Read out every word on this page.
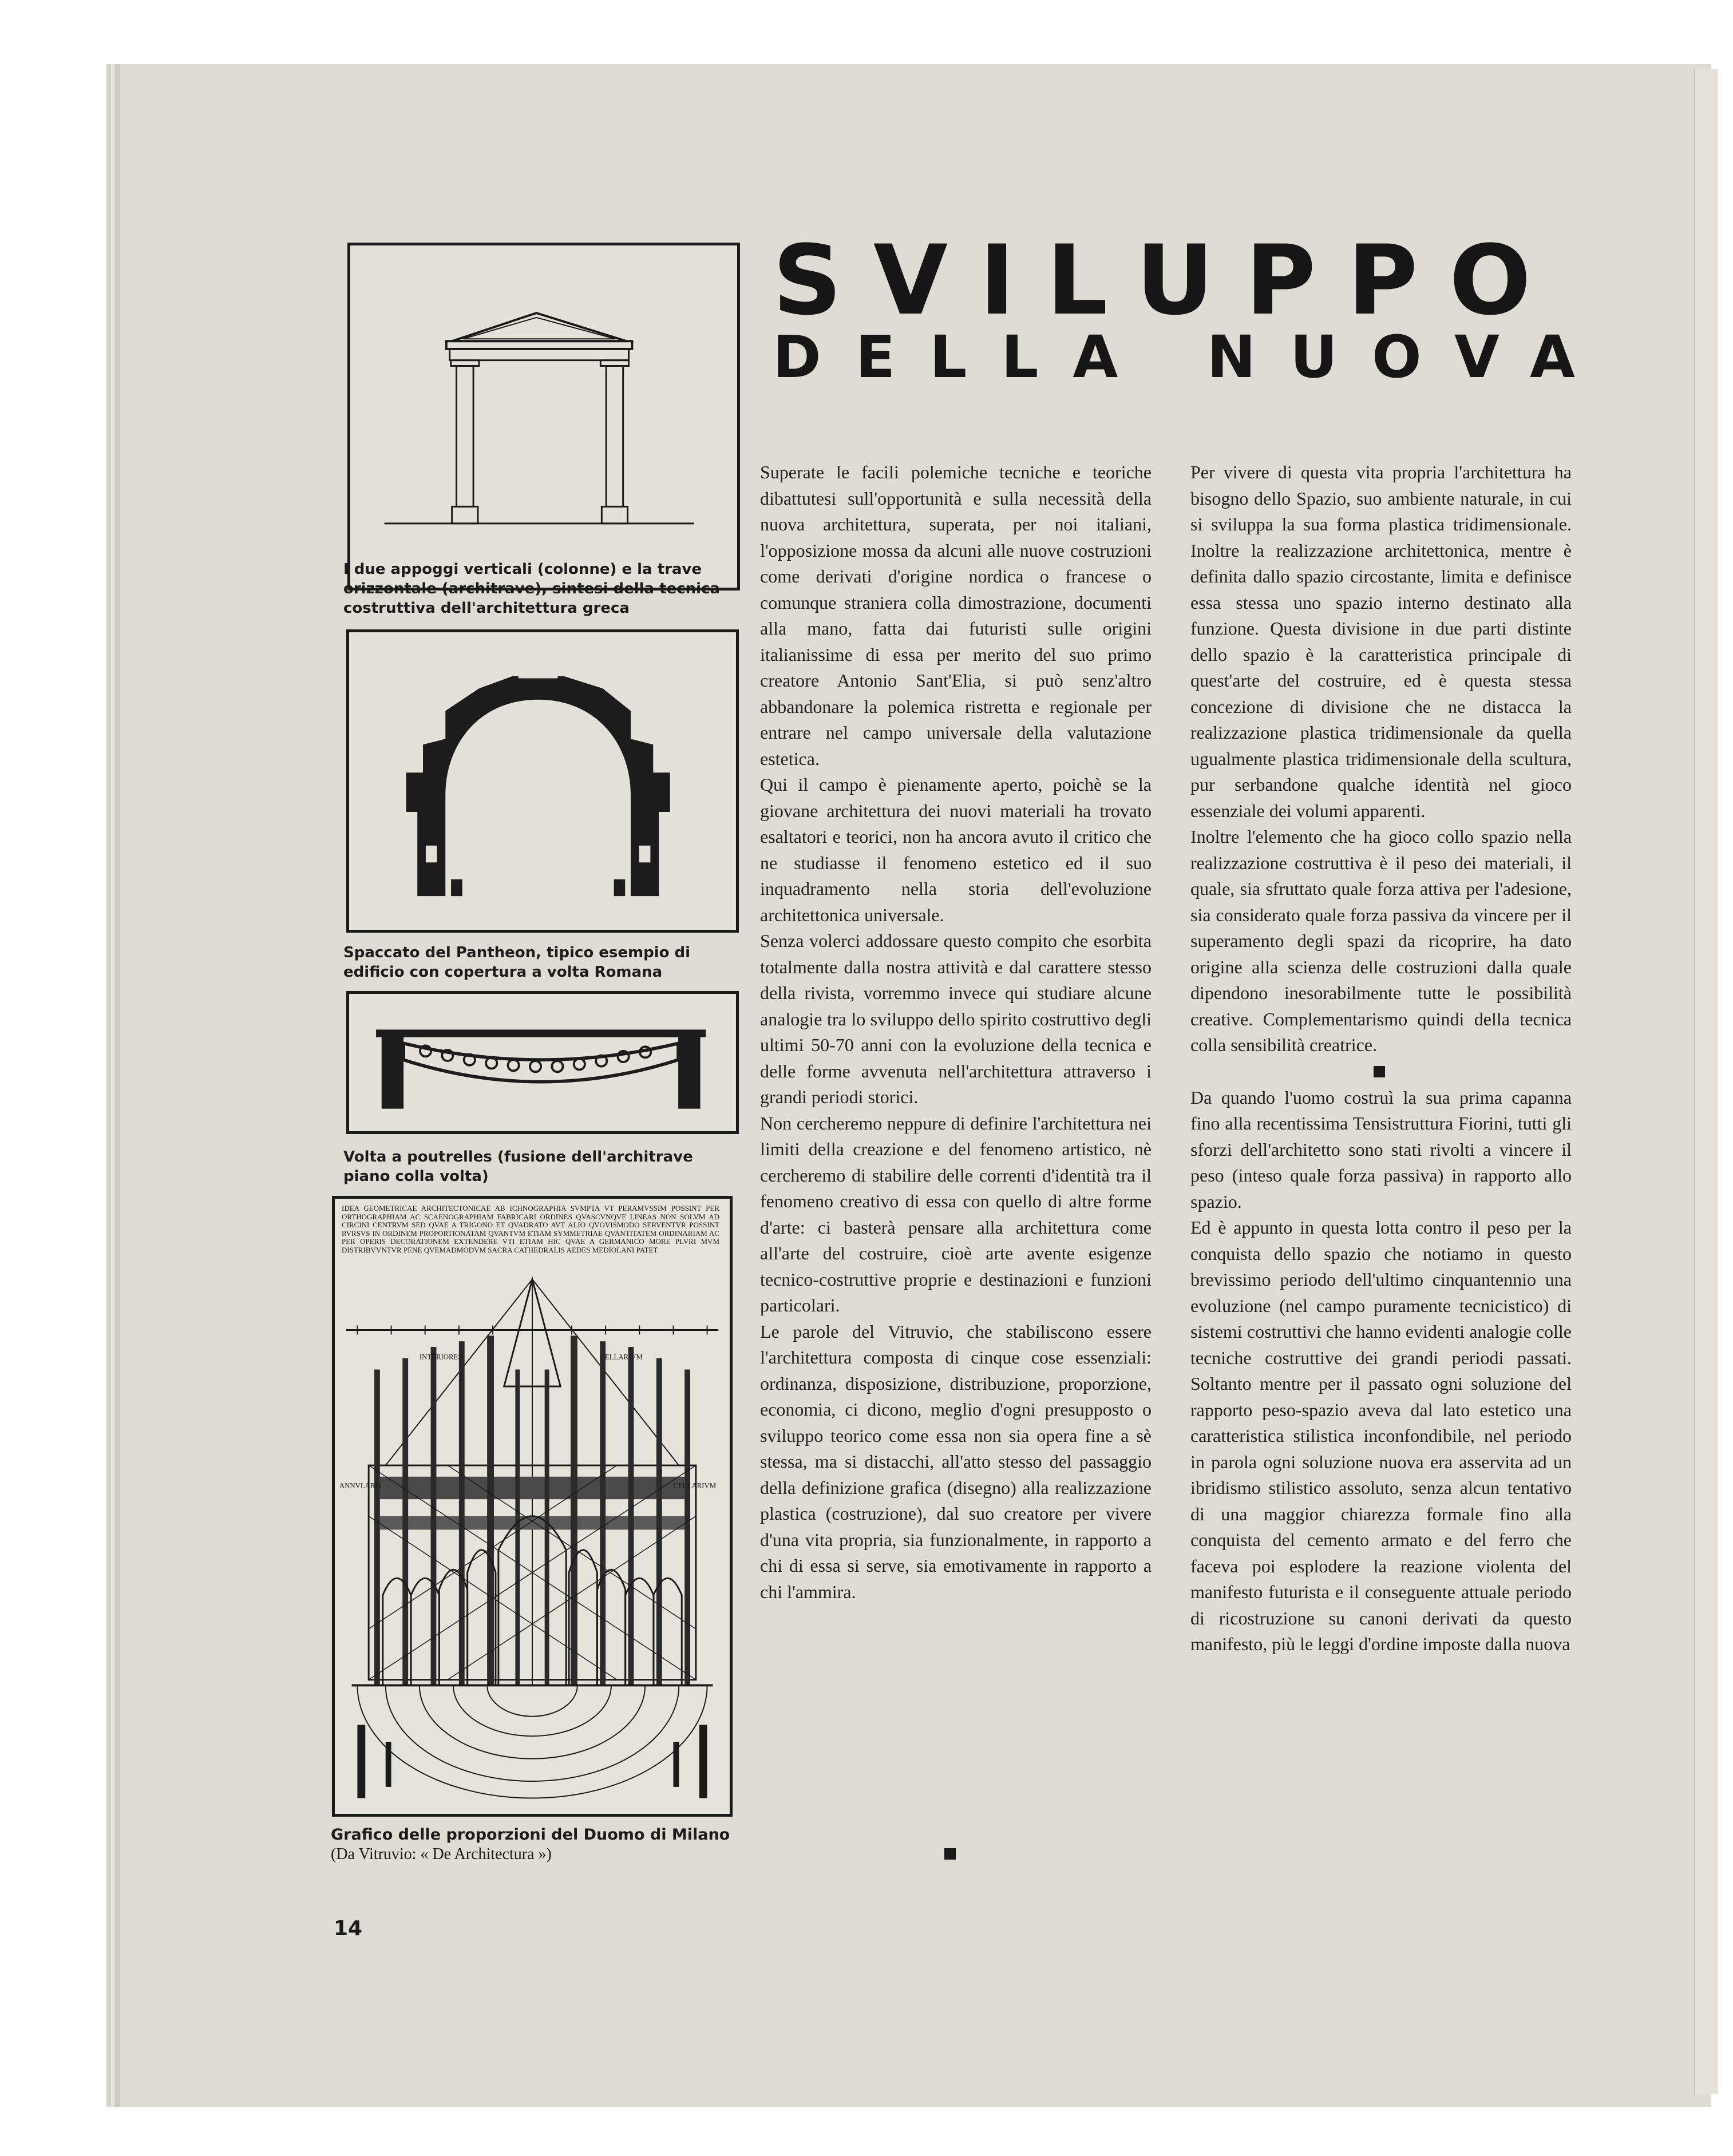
SVILUPPO
DELLA NUOVA
I due appoggi verticali (colonne) e la trave orizzontale (architrave), sintesi della tecnica costruttiva dell'architettura greca
Spaccato del Pantheon, tipico esempio di edificio con copertura a volta Romana
Volta a poutrelles (fusione dell'architrave piano colla volta)
IDEA GEOMETRICAE ARCHITECTONICAE AB ICHNOGRAPHIA SVMPTA VT PERAMVSSIM POSSINT PER ORTHOGRAPHIAM AC SCAENOGRAPHIAM FABRICARI ORDINES QVASCVNQVE LINEAS NON SOLVM AD CIRCINI CENTRVM SED QVAE A TRIGONO ET QVADRATO AVT ALIO QVOVISMODO SERVENTVR POSSINT RVRSVS IN ORDINEM PROPORTIONATAM QVANTVM ETIAM SYMMETRIAE QVANTITATEM ORDINARIAM AC PER OPERIS DECORATIONEM EXTENDERE VTI ETIAM HIC QVAE A GERMANICO MORE PLVRI MVM DISTRIBVVNTVR PENE QVEMADMODVM SACRA CATHEDRALIS AEDES MEDIOLANI PATET
INTERIORES	CELLARIVM
ANNVLARIS	CELLARIVM
Grafico delle proporzioni del Duomo di Milano
(Da Vitruvio: « De Architectura »)

Superate le facili polemiche tecniche e teoriche dibattutesi sull'opportunità e sulla necessità della nuova architettura, superata, per noi italiani, l'opposizione mossa da alcuni alle nuove costruzioni come derivati d'origine nordica o francese o comunque straniera colla dimostrazione, documenti alla mano, fatta dai futuristi sulle origini italianissime di essa per merito del suo primo creatore Antonio Sant'Elia, si può senz'altro abbandonare la polemica ristretta e regionale per entrare nel campo universale della valutazione estetica.

Qui il campo è pienamente aperto, poichè se la giovane architettura dei nuovi materiali ha trovato esaltatori e teorici, non ha ancora avuto il critico che ne studiasse il fenomeno estetico ed il suo inquadramento nella storia dell'evoluzione architettonica universale.

Senza volerci addossare questo compito che esorbita totalmente dalla nostra attività e dal carattere stesso della rivista, vorremmo invece qui studiare alcune analogie tra lo sviluppo dello spirito costruttivo degli ultimi 50-70 anni con la evoluzione della tecnica e delle forme avvenuta nell'architettura attraverso i grandi periodi storici.

Non cercheremo neppure di definire l'architettura nei limiti della creazione e del fenomeno artistico, nè cercheremo di stabilire delle correnti d'identità tra il fenomeno creativo di essa con quello di altre forme d'arte: ci basterà pensare alla architettura come all'arte del costruire, cioè arte avente esigenze tecnico-costruttive proprie e destinazioni e funzioni particolari.

Le parole del Vitruvio, che stabiliscono essere l'architettura composta di cinque cose essenziali: ordinanza, disposizione, distribuzione, proporzione, economia, ci dicono, meglio d'ogni presupposto o sviluppo teorico come essa non sia opera fine a sè stessa, ma si distacchi, all'atto stesso del passaggio della definizione grafica (disegno) alla realizzazione plastica (costruzione), dal suo creatore per vivere d'una vita propria, sia funzionalmente, in rapporto a chi di essa si serve, sia emotivamente in rapporto a chi l'ammira.

Per vivere di questa vita propria l'architettura ha bisogno dello Spazio, suo ambiente naturale, in cui si sviluppa la sua forma plastica tridimensionale. Inoltre la realizzazione architettonica, mentre è definita dallo spazio circostante, limita e definisce essa stessa uno spazio interno destinato alla funzione. Questa divisione in due parti distinte dello spazio è la caratteristica principale di quest'arte del costruire, ed è questa stessa concezione di divisione che ne distacca la realizzazione plastica tridimensionale da quella ugualmente plastica tridimensionale della scultura, pur serbandone qualche identità nel gioco essenziale dei volumi apparenti.

Inoltre l'elemento che ha gioco collo spazio nella realizzazione costruttiva è il peso dei materiali, il quale, sia sfruttato quale forza attiva per l'adesione, sia considerato quale forza passiva da vincere per il superamento degli spazi da ricoprire, ha dato origine alla scienza delle costruzioni dalla quale dipendono inesorabilmente tutte le possibilità creative. Complementarismo quindi della tecnica colla sensibilità creatrice.

Da quando l'uomo costruì la sua prima capanna fino alla recentissima Tensistruttura Fiorini, tutti gli sforzi dell'architetto sono stati rivolti a vincere il peso (inteso quale forza passiva) in rapporto allo spazio.

Ed è appunto in questa lotta contro il peso per la conquista dello spazio che notiamo in questo brevissimo periodo dell'ultimo cinquantennio una evoluzione (nel campo puramente tecnicistico) di sistemi costruttivi che hanno evidenti analogie colle tecniche costruttive dei grandi periodi passati. Soltanto mentre per il passato ogni soluzione del rapporto peso-spazio aveva dal lato estetico una caratteristica stilistica inconfondibile, nel periodo in parola ogni soluzione nuova era asservita ad un ibridismo stilistico assoluto, senza alcun tentativo di una maggior chiarezza formale fino alla conquista del cemento armato e del ferro che faceva poi esplodere la reazione violenta del manifesto futurista e il conseguente attuale periodo di ricostruzione su canoni derivati da questo manifesto, più le leggi d'ordine imposte dalla nuova

14
